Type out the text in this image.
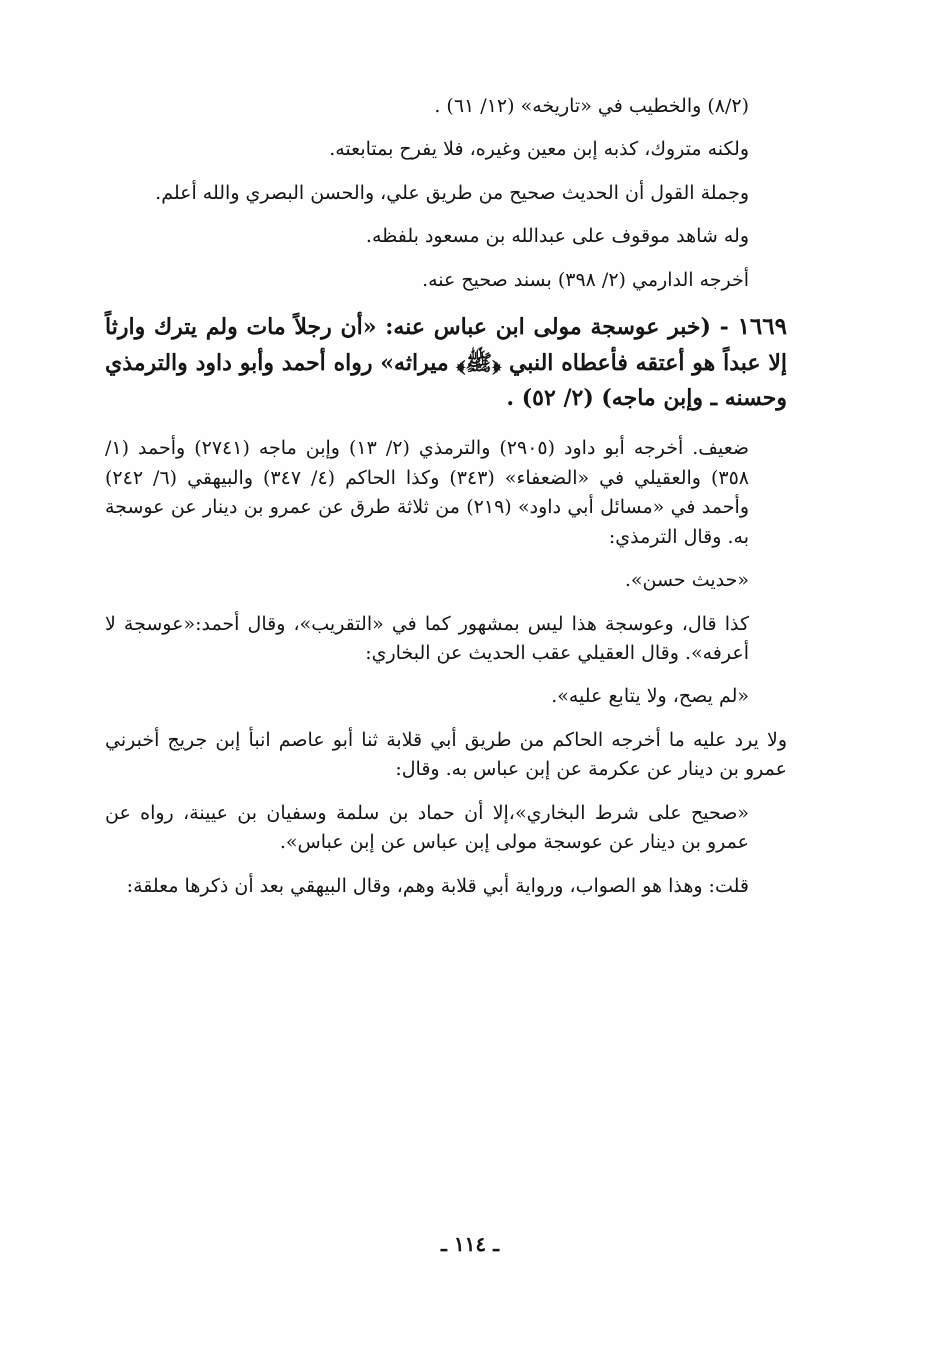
(٨/٢) والخطيب في «تاريخه» (١٢/ ٦١) .

ولكنه متروك، كذبه إبن معين وغيره، فلا يفرح بمتابعته.

وجملة القول أن الحديث صحيح من طريق علي، والحسن البصري والله أعلم.

وله شاهد موقوف على عبدالله بن مسعود بلفظه.

أخرجه الدارمي (٢/ ٣٩٨) بسند صحيح عنه.

١٦٦٩ - (خبر عوسجة مولى ابن عباس عنه: «أن رجلاً مات ولم يترك وارثاً إلا عبداً هو أعتقه فأعطاه النبي ﴿ﷺ﴾ ميراثه» رواه أحمد وأبو داود والترمذي وحسنه ـ وإبن ماجه) (٢/ ٥٢) .

ضعيف. أخرجه أبو داود (٢٩٠٥) والترمذي (٢/ ١٣) وإبن ماجه (٢٧٤١) وأحمد (١/ ٣٥٨) والعقيلي في «الضعفاء» (٣٤٣) وكذا الحاكم (٤/ ٣٤٧) والبيهقي (٦/ ٢٤٢) وأحمد في «مسائل أبي داود» (٢١٩) من ثلاثة طرق عن عمرو بن دينار عن عوسجة به. وقال الترمذي:

«حديث حسن».

كذا قال، وعوسجة هذا ليس بمشهور كما في «التقريب»، وقال أحمد:«عوسجة لا أعرفه». وقال العقيلي عقب الحديث عن البخاري:

«لم يصح، ولا يتابع عليه».

ولا يرد عليه ما أخرجه الحاكم من طريق أبي قلابة ثنا أبو عاصم انبأ إبن جريج أخبرني عمرو بن دينار عن عكرمة عن إبن عباس به. وقال:

«صحيح على شرط البخاري»،إلا أن حماد بن سلمة وسفيان بن عيينة، رواه عن عمرو بن دينار عن عوسجة مولى إبن عباس عن إبن عباس».

قلت: وهذا هو الصواب، ورواية أبي قلابة وهم، وقال البيهقي بعد أن ذكرها معلقة:

ـ ١١٤ ـ
